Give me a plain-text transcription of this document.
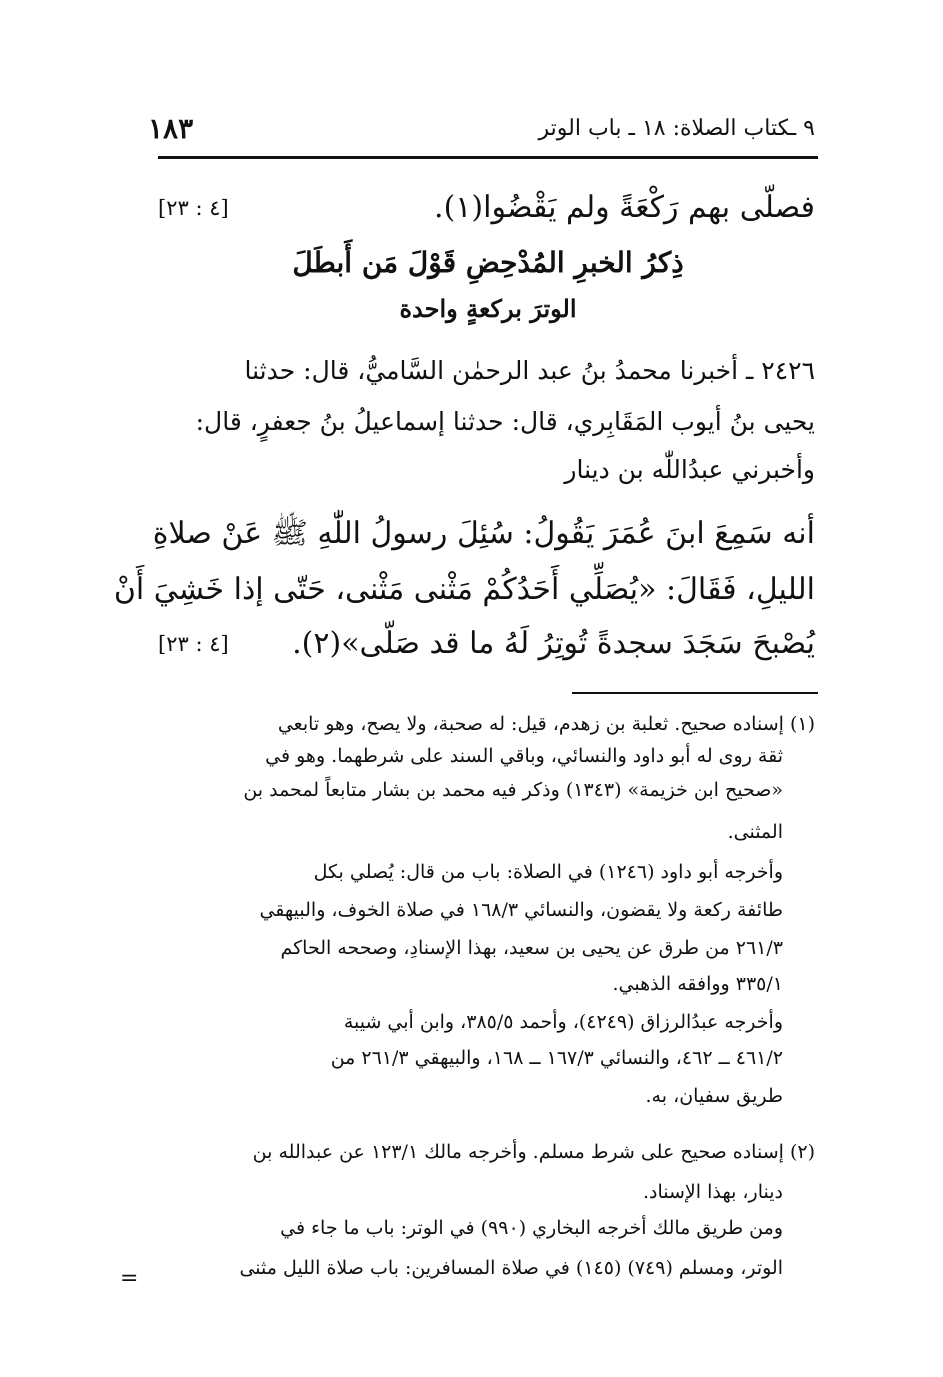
١٨٣	٩ ـكتاب الصلاة: ١٨ ـ باب الوتر
فصلّى بهم رَكْعَةً ولم يَقْضُوا(١).
[٤ : ٢٣]
ذِكرُ الخبرِ المُدْحِضِ قَوْلَ مَن أَبطَلَ
الوترَ بركعةٍ واحدة
٢٤٢٦ ـ أخبرنا محمدُ بنُ عبد الرحمٰن السَّاميُّ، قال: حدثنا
يحيى بنُ أيوب المَقَابِري، قال: حدثنا إسماعيلُ بنُ جعفرٍ، قال:
وأخبرني عبدُاللّٰه بن دينار
أنه سَمِعَ ابنَ عُمَرَ يَقُولُ: سُئِلَ رسولُ اللّٰهِ ﷺ عَنْ صلاةِ
الليلِ، فَقَالَ: «يُصَلِّي أَحَدُكُمْ مَثْنى مَثْنى، حَتّى إذا خَشِيَ أَنْ
يُصْبحَ سَجَدَ سجدةً تُوتِرُ لَهُ ما قد صَلّى»(٢).
[٤ : ٢٣]
(١) إسناده صحيح. ثعلبة بن زهدم، قيل: له صحبة، ولا يصح، وهو تابعي
ثقة روى له أبو داود والنسائي، وباقي السند على شرطهما. وهو في
«صحيح ابن خزيمة» (١٣٤٣) وذكر فيه محمد بن بشار متابعاً لمحمد بن
المثنى.
وأخرجه أبو داود (١٢٤٦) في الصلاة: باب من قال: يُصلي بكل
طائفة ركعة ولا يقضون، والنسائي ١٦٨/٣ في صلاة الخوف، والبيهقي
٢٦١/٣ من طرق عن يحيى بن سعيد، بهذا الإسنادِ، وصححه الحاكم
٣٣٥/١ ووافقه الذهبي.
وأخرجه عبدُالرزاق (٤٢٤٩)، وأحمد ٣٨٥/٥، وابن أبي شيبة
٤٦١/٢ ــ ٤٦٢، والنسائي ١٦٧/٣ ــ ١٦٨، والبيهقي ٢٦١/٣ من
طريق سفيان، به.
(٢) إسناده صحيح على شرط مسلم. وأخرجه مالك ١٢٣/١ عن عبدالله بن
دينار، بهذا الإسناد.
ومن طريق مالك أخرجه البخاري (٩٩٠) في الوتر: باب ما جاء في
الوتر، ومسلم (٧٤٩) (١٤٥) في صلاة المسافرين: باب صلاة الليل مثنى
=
